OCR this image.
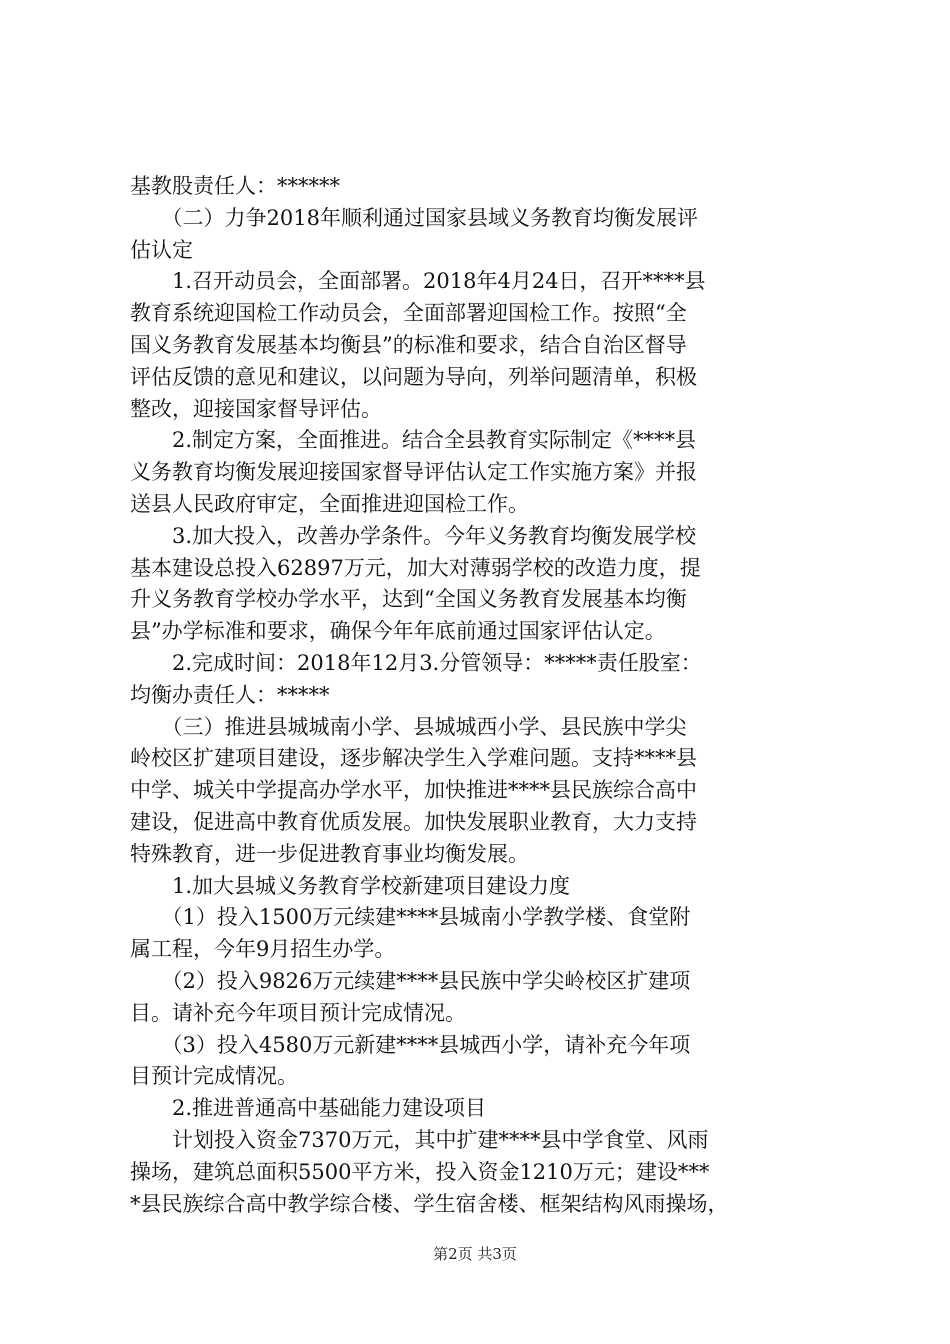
基教股责任人：******
　　（二）力争2018年顺利通过国家县域义务教育均衡发展评
估认定
　　1.召开动员会，全面部署。2018年4月24日，召开****县
教育系统迎国检工作动员会，全面部署迎国检工作。按照“全
国义务教育发展基本均衡县”的标准和要求，结合自治区督导
评估反馈的意见和建议，以问题为导向，列举问题清单，积极
整改，迎接国家督导评估。
　　2.制定方案，全面推进。结合全县教育实际制定《****县
义务教育均衡发展迎接国家督导评估认定工作实施方案》并报
送县人民政府审定，全面推进迎国检工作。
　　3.加大投入，改善办学条件。今年义务教育均衡发展学校
基本建设总投入62897万元，加大对薄弱学校的改造力度，提
升义务教育学校办学水平，达到“全国义务教育发展基本均衡
县”办学标准和要求，确保今年年底前通过国家评估认定。
　　2.完成时间：2018年12月3.分管领导：*****责任股室：
均衡办责任人：*****
　　（三）推进县城城南小学、县城城西小学、县民族中学尖
岭校区扩建项目建设，逐步解决学生入学难问题。支持****县
中学、城关中学提高办学水平，加快推进****县民族综合高中
建设，促进高中教育优质发展。加快发展职业教育，大力支持
特殊教育，进一步促进教育事业均衡发展。
　　1.加大县城义务教育学校新建项目建设力度
　　（1）投入1500万元续建****县城南小学教学楼、食堂附
属工程，今年9月招生办学。
　　（2）投入9826万元续建****县民族中学尖岭校区扩建项
目。请补充今年项目预计完成情况。
　　（3）投入4580万元新建****县城西小学，请补充今年项
目预计完成情况。
　　2.推进普通高中基础能力建设项目
　　计划投入资金7370万元，其中扩建****县中学食堂、风雨
操场，建筑总面积5500平方米，投入资金1210万元；建设***
*县民族综合高中教学综合楼、学生宿舍楼、框架结构风雨操场，
第2页 共3页
